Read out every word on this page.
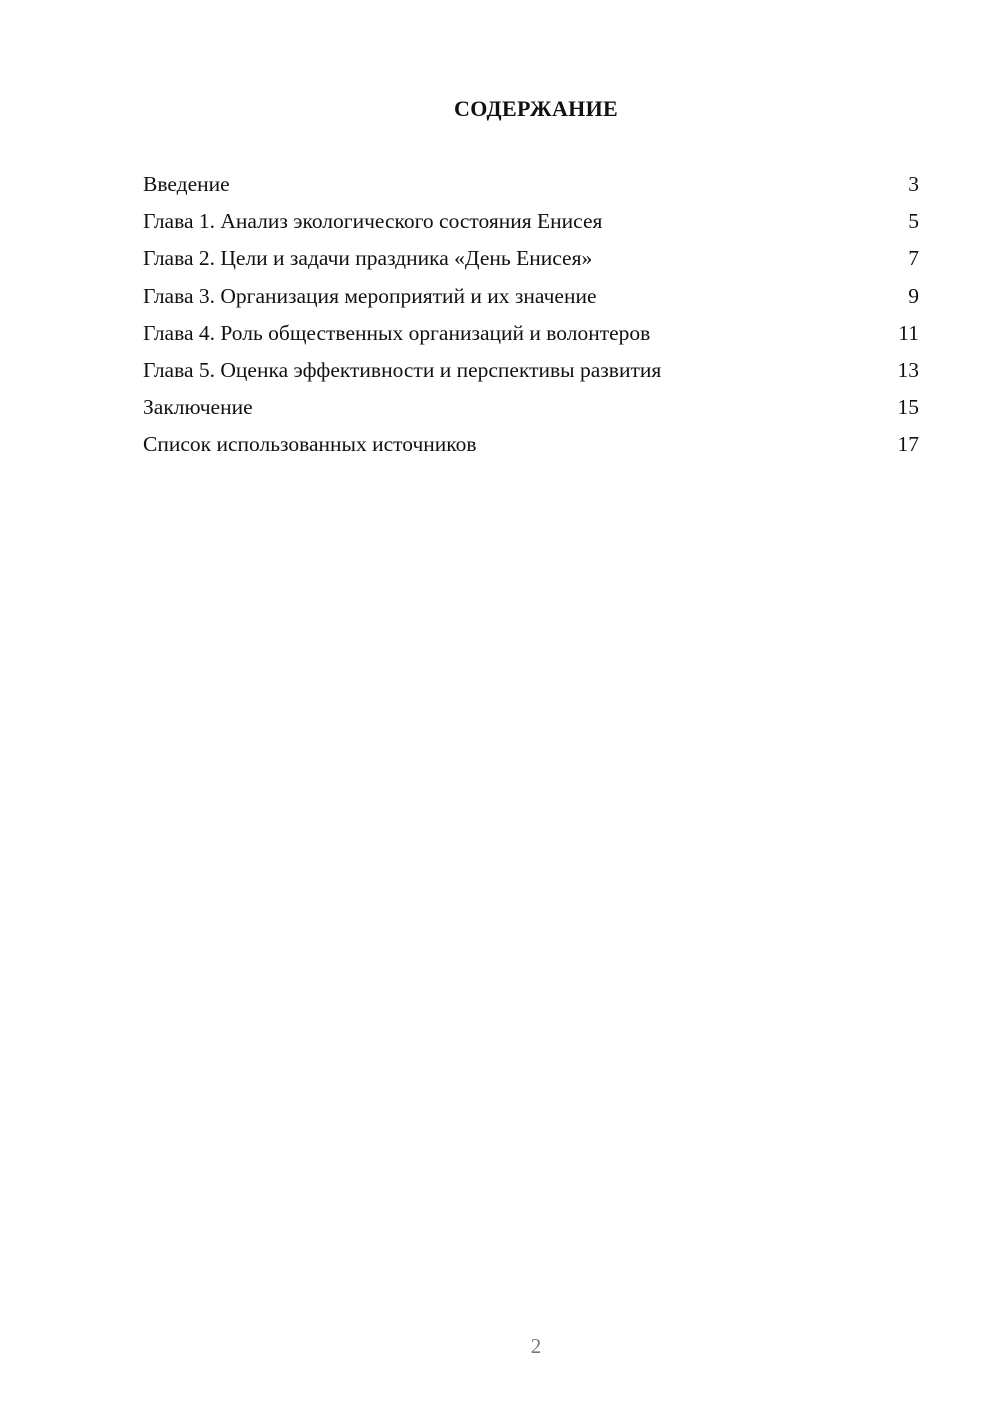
СОДЕРЖАНИЕ
Введение	3
Глава 1. Анализ экологического состояния Енисея	5
Глава 2. Цели и задачи праздника «День Енисея»	7
Глава 3. Организация мероприятий и их значение	9
Глава 4. Роль общественных организаций и волонтеров	11
Глава 5. Оценка эффективности и перспективы развития	13
Заключение	15
Список использованных источников	17
2
